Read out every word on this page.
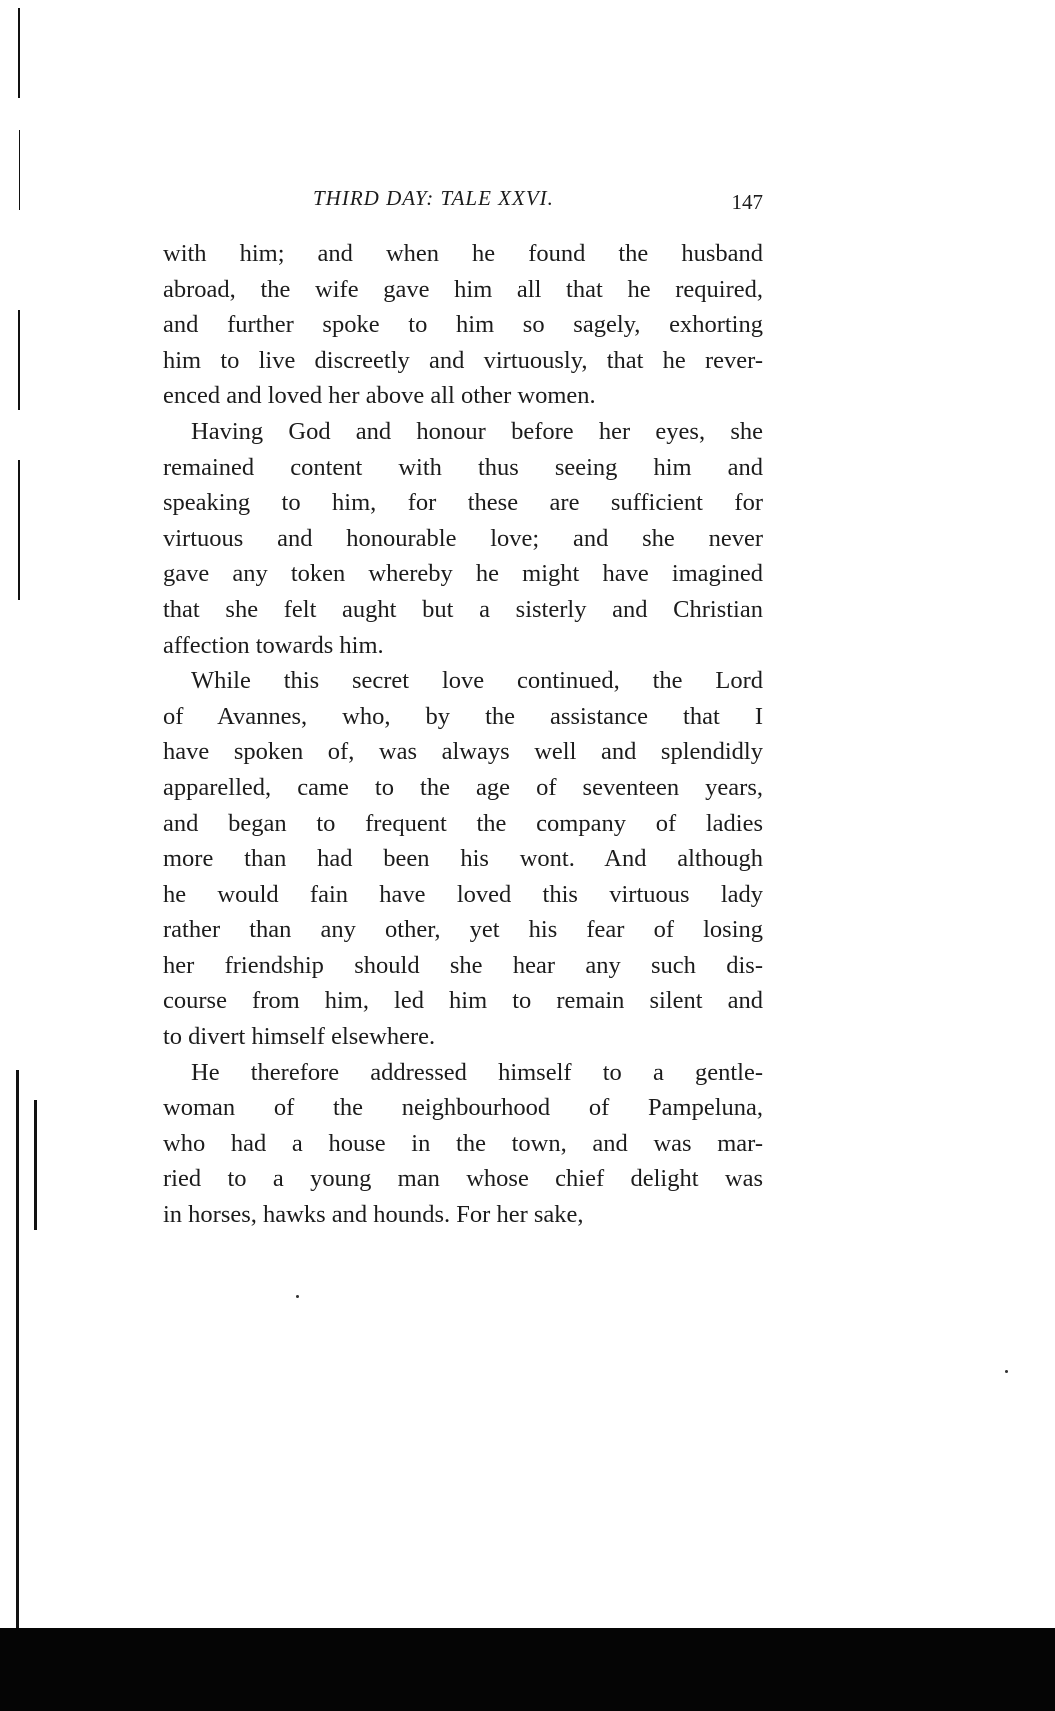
THIRD DAY: TALE XXVI.	147
with him; and when he found the husband
abroad, the wife gave him all that he required,
and further spoke to him so sagely, exhorting
him to live discreetly and virtuously, that he rever-
enced and loved her above all other women.
Having God and honour before her eyes, she
remained content with thus seeing him and
speaking to him, for these are sufficient for
virtuous and honourable love; and she never
gave any token whereby he might have imagined
that she felt aught but a sisterly and Christian
affection towards him.
While this secret love continued, the Lord
of Avannes, who, by the assistance that I
have spoken of, was always well and splendidly
apparelled, came to the age of seventeen years,
and began to frequent the company of ladies
more than had been his wont. And although
he would fain have loved this virtuous lady
rather than any other, yet his fear of losing
her friendship should she hear any such dis-
course from him, led him to remain silent and
to divert himself elsewhere.
He therefore addressed himself to a gentle-
woman of the neighbourhood of Pampeluna,
who had a house in the town, and was mar-
ried to a young man whose chief delight was
in horses, hawks and hounds. For her sake,
